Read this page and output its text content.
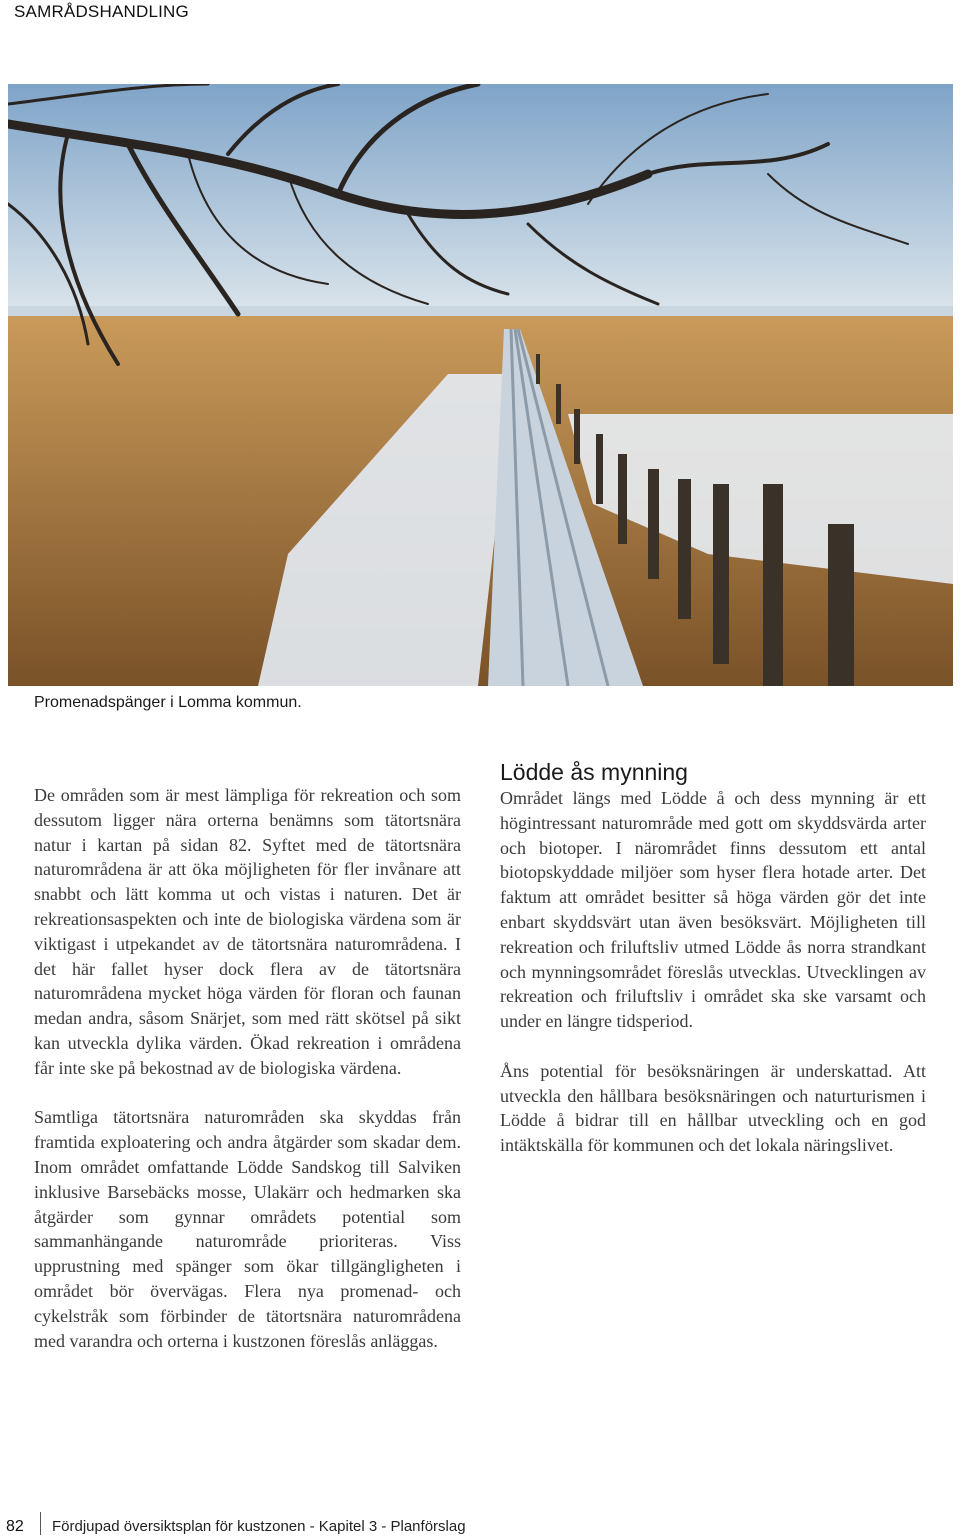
SAMRÅDSHANDLING
Promenadspänger i Lomma kommun.

De områden som är mest lämpliga för rekreation och som dessutom ligger nära orterna benämns som tätortsnära natur i kartan på sidan 82. Syftet med de tätortsnära naturområdena är att öka möjligheten för fler invånare att snabbt och lätt komma ut och vistas i naturen. Det är rekreationsaspekten och inte de biologiska värdena som är viktigast i utpekandet av de tätortsnära naturområdena. I det här fallet hyser dock flera av de tätortsnära naturområdena mycket höga värden för floran och faunan medan andra, såsom Snärjet, som med rätt skötsel på sikt kan utveckla dylika värden. Ökad rekreation i områdena får inte ske på bekostnad av de biologiska värdena.

Samtliga tätortsnära naturområden ska skyddas från framtida exploatering och andra åtgärder som skadar dem. Inom området omfattande Lödde Sandskog till Salviken inklusive Barsebäcks mosse, Ulakärr och hedmarken ska åtgärder som gynnar områdets potential som sammanhängande naturområde prioriteras. Viss upprustning med spänger som ökar tillgängligheten i området bör övervägas. Flera nya promenad- och cykelstråk som förbinder de tätortsnära naturområdena med varandra och orterna i kustzonen föreslås anläggas.

Lödde ås mynning

Området längs med Lödde å och dess mynning är ett högintressant naturområde med gott om skyddsvärda arter och biotoper. I närområdet finns dessutom ett antal biotopskyddade miljöer som hyser flera hotade arter. Det faktum att området besitter så höga värden gör det inte enbart skyddsvärt utan även besöksvärt. Möjligheten till rekreation och friluftsliv utmed Lödde ås norra strandkant och mynningsområdet föreslås utvecklas. Utvecklingen av rekreation och friluftsliv i området ska ske varsamt och under en längre tidsperiod.

Åns potential för besöksnäringen är underskattad. Att utveckla den hållbara besöksnäringen och naturturismen i Lödde å bidrar till en hållbar utveckling och en god intäktskälla för kommunen och det lokala näringslivet.

82 Fördjupad översiktsplan för kustzonen - Kapitel 3 - Planförslag
